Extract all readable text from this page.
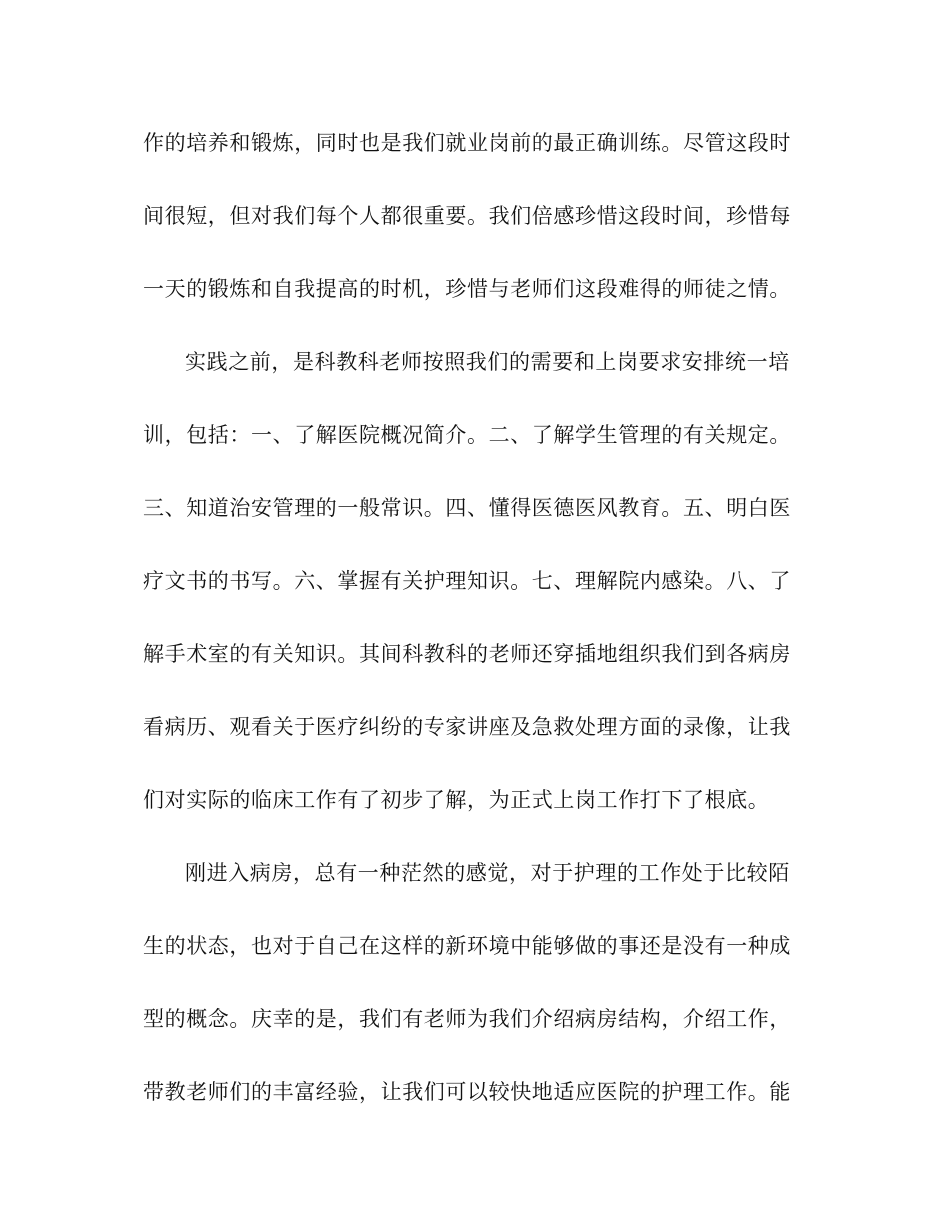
作的培养和锻炼，同时也是我们就业岗前的最正确训练。尽管这段时
间很短，但对我们每个人都很重要。我们倍感珍惜这段时间，珍惜每
一天的锻炼和自我提高的时机，珍惜与老师们这段难得的师徒之情。
实践之前，是科教科老师按照我们的需要和上岗要求安排统一培
训，包括：一、了解医院概况简介。二、了解学生管理的有关规定。
三、知道治安管理的一般常识。四、懂得医德医风教育。五、明白医
疗文书的书写。六、掌握有关护理知识。七、理解院内感染。八、了
解手术室的有关知识。其间科教科的老师还穿插地组织我们到各病房
看病历、观看关于医疗纠纷的专家讲座及急救处理方面的录像，让我
们对实际的临床工作有了初步了解，为正式上岗工作打下了根底。
刚进入病房，总有一种茫然的感觉，对于护理的工作处于比较陌
生的状态，也对于自己在这样的新环境中能够做的事还是没有一种成
型的概念。庆幸的是，我们有老师为我们介绍病房结构，介绍工作，
带教老师们的丰富经验，让我们可以较快地适应医院的护理工作。能
